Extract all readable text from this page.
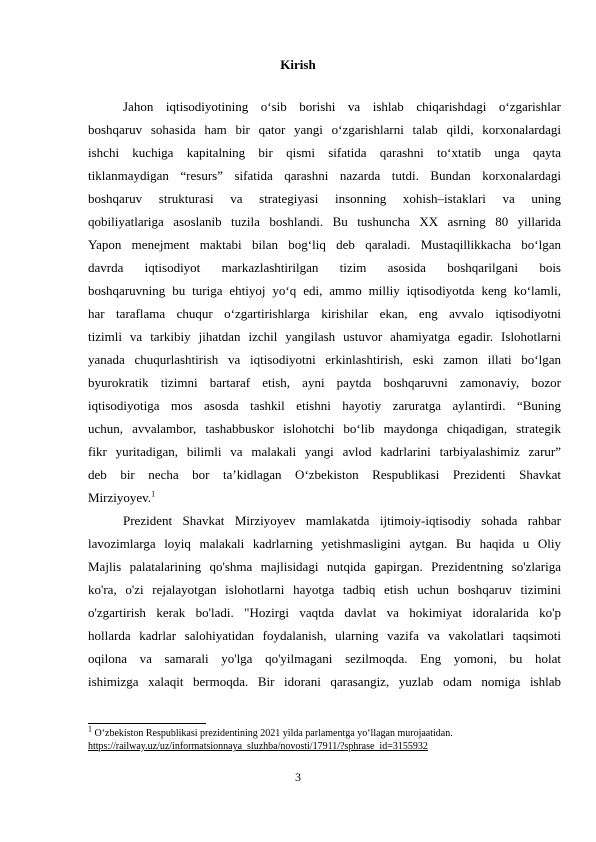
Kirish
Jahon iqtisodiyotining oʻsib borishi va ishlab chiqarishdagi oʻzgarishlar
boshqaruv sohasida ham bir qator yangi oʻzgarishlarni talab qildi, korxonalardagi
ishchi kuchiga kapitalning bir qismi sifatida qarashni toʻxtatib unga qayta
tiklanmaydigan “resurs” sifatida qarashni nazarda tutdi. Bundan korxonalardagi
boshqaruv strukturasi va strategiyasi insonning xohish–istaklari va uning
qobiliyatlariga asoslanib tuzila boshlandi. Bu tushuncha XX asrning 80 yillarida
Yapon menejment maktabi bilan bogʻliq deb qaraladi. Mustaqillikkacha boʻlgan
davrda iqtisodiyot markazlashtirilgan tizim asosida boshqarilgani bois
boshqaruvning bu turiga ehtiyoj yoʻq edi, ammo milliy iqtisodiyotda keng koʻlamli,
har taraflama chuqur oʻzgartirishlarga kirishilar ekan, eng avvalo iqtisodiyotni
tizimli va tarkibiy jihatdan izchil yangilash ustuvor ahamiyatga egadir. Islohotlarni
yanada chuqurlashtirish va iqtisodiyotni erkinlashtirish, eski zamon illati boʻlgan
byurokratik tizimni bartaraf etish, ayni paytda boshqaruvni zamonaviy, bozor
iqtisodiyotiga mos asosda tashkil etishni hayotiy zaruratga aylantirdi. “Buning
uchun, avvalambor, tashabbuskor islohotchi boʻlib maydonga chiqadigan, strategik
fikr yuritadigan, bilimli va malakali yangi avlod kadrlarini tarbiyalashimiz zarur”
deb bir necha bor taʼkidlagan Oʻzbekiston Respublikasi Prezidenti Shavkat
Mirziyoyev.$^1$
Prezident Shavkat Mirziyoyev mamlakatda ijtimoiy-iqtisodiy sohada rahbar
lavozimlarga loyiq malakali kadrlarning yetishmasligini aytgan. Bu haqida u Oliy
Majlis palatalarining qo'shma majlisidagi nutqida gapirgan. Prezidentning so'zlariga
ko'ra, o'zi rejalayotgan islohotlarni hayotga tadbiq etish uchun boshqaruv tizimini
o'zgartirish kerak bo'ladi. "Hozirgi vaqtda davlat va hokimiyat idoralarida ko'p
hollarda kadrlar salohiyatidan foydalanish, ularning vazifa va vakolatlari taqsimoti
oqilona va samarali yo'lga qo'yilmagani sezilmoqda. Eng yomoni, bu holat
ishimizga xalaqit bermoqda. Bir idorani qarasangiz, yuzlab odam nomiga ishlab
$^1$ Oʻzbekiston Respublikasi prezidentining 2021 yilda parlamentga yoʻllagan murojaatidan.
https://railway.uz/uz/informatsionnaya_sluzhba/novosti/17911/?sphrase_id=3155932
3
